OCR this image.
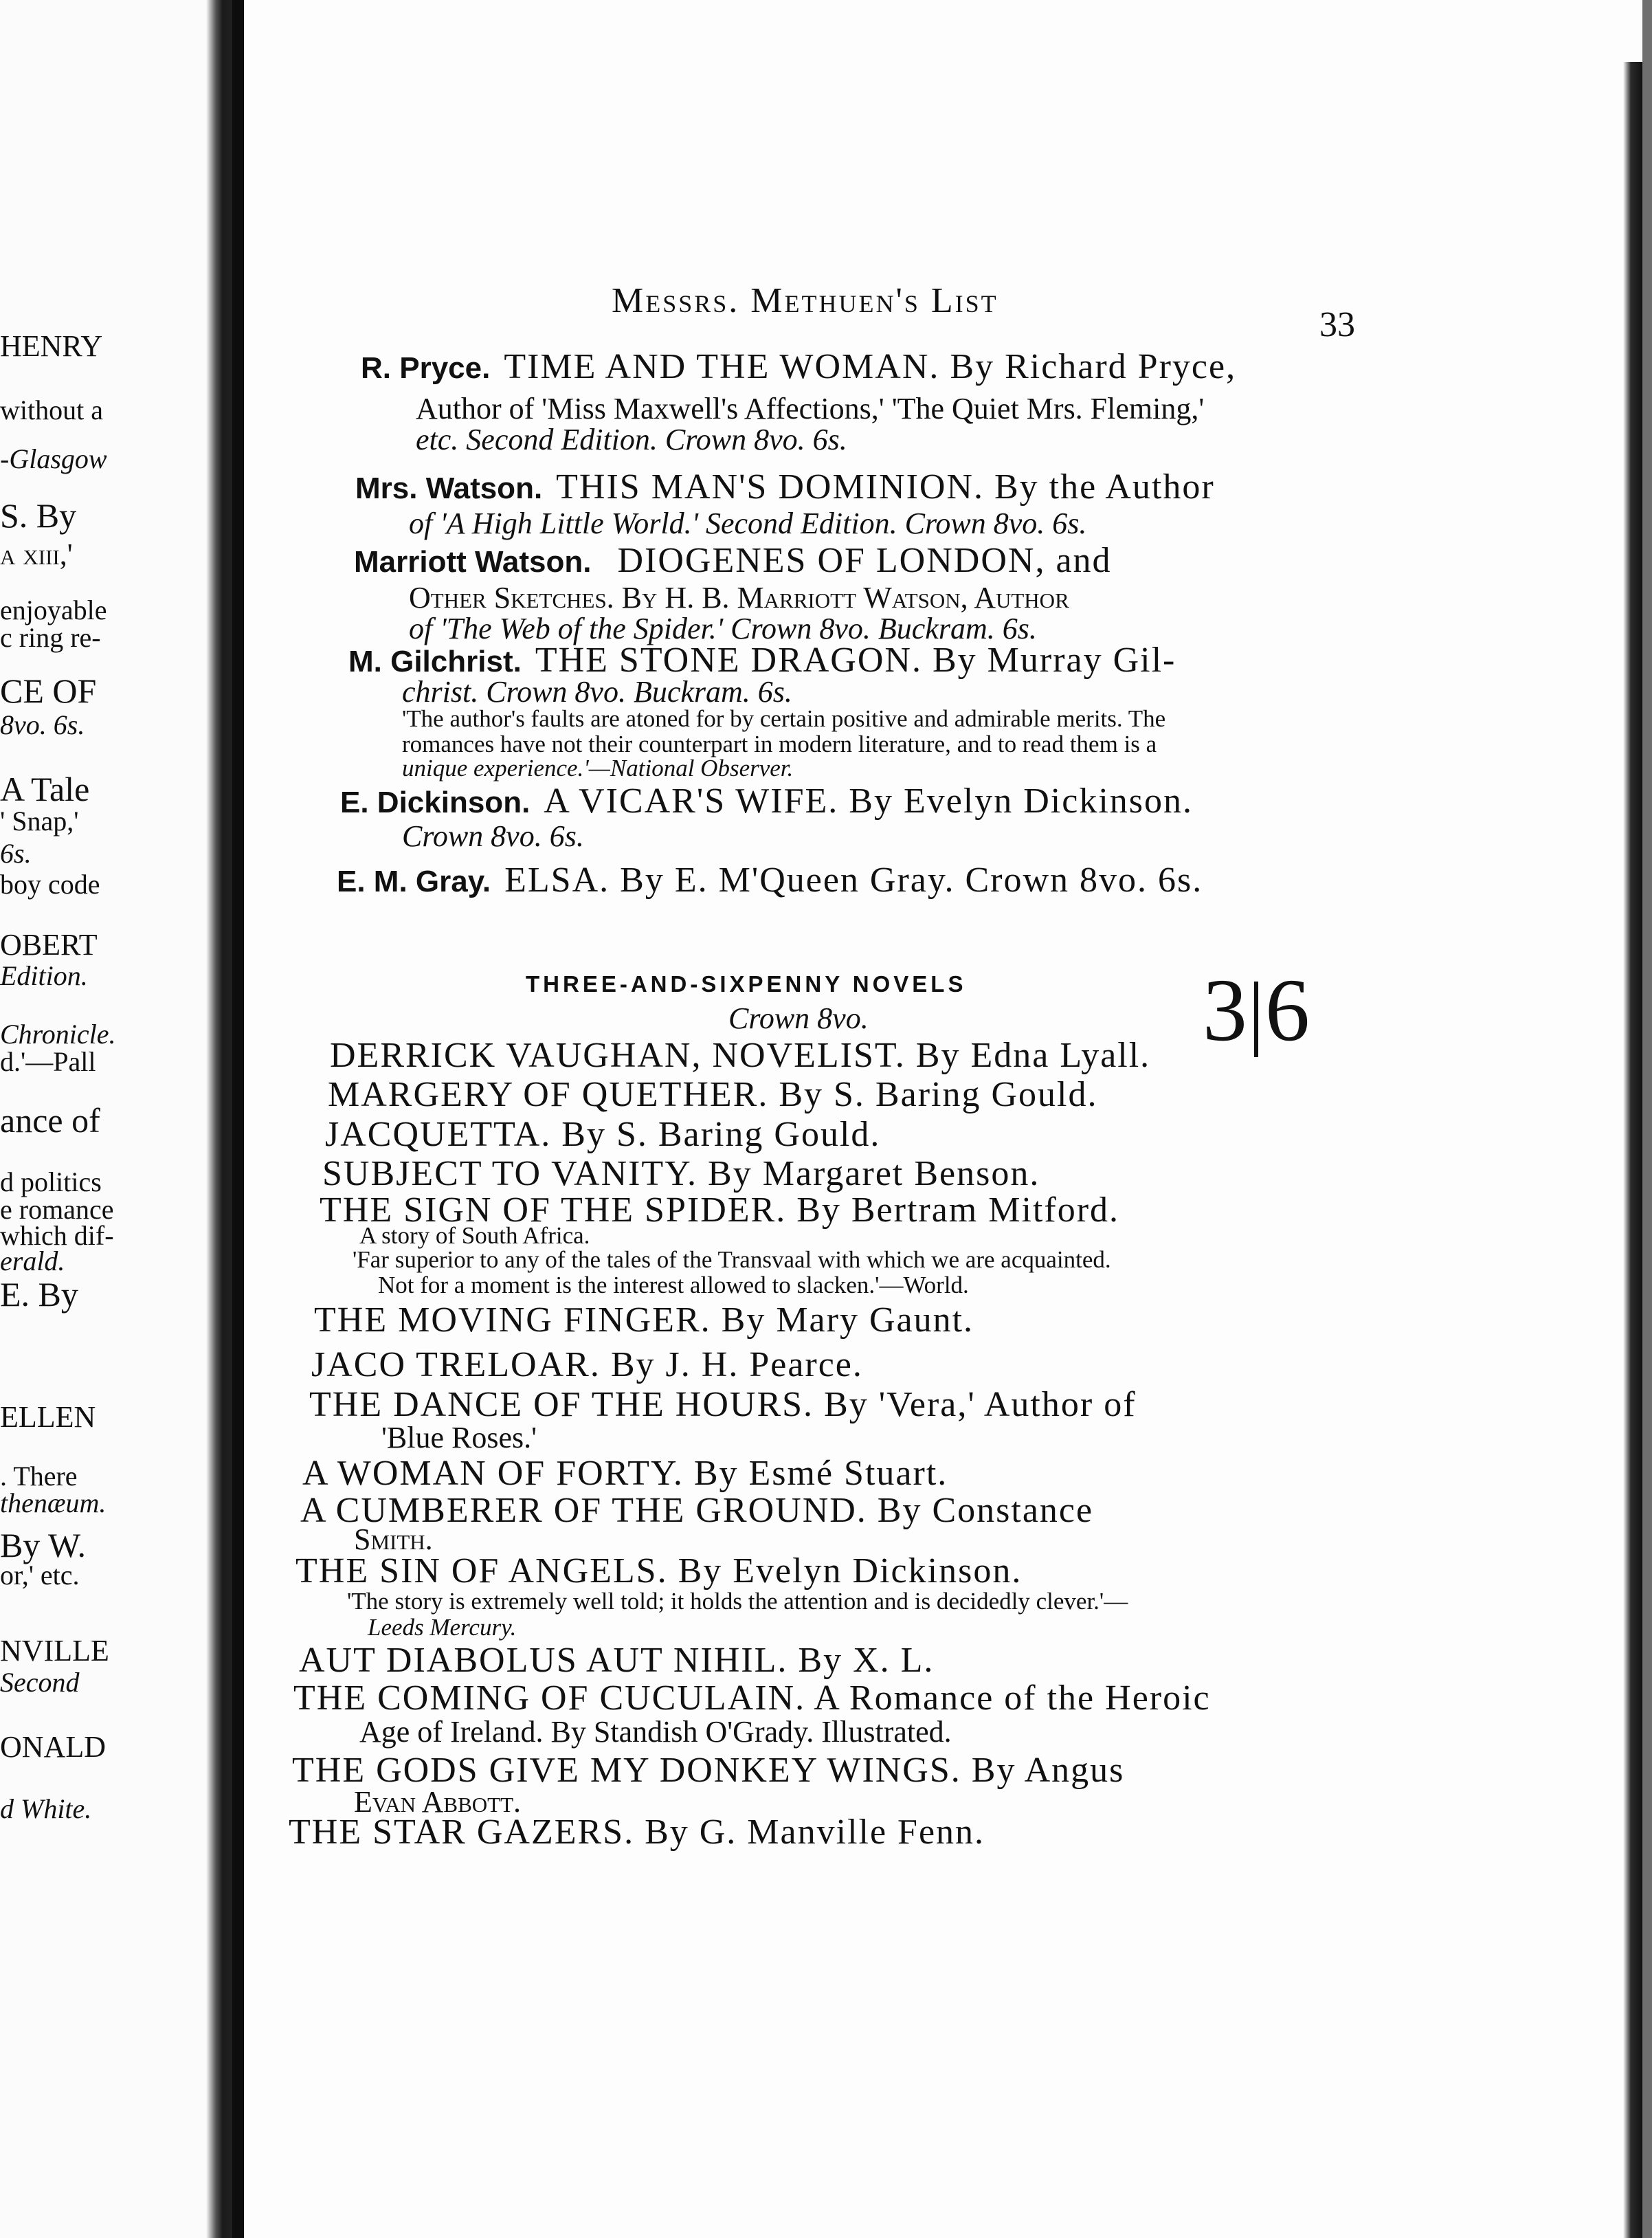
HENRY
without a
-Glasgow
S. By
a xiii,'
enjoyable
c ring re-
CE OF
8vo. 6s.
A Tale
' Snap,'
6s.
boy code
OBERT
Edition.
Chronicle.
d.'—Pall
ance of
d politics
e romance
which dif-
erald.
E. By
ELLEN
. There
thenæum.
By W.
or,' etc.
NVILLE
Second
ONALD
d White.
Messrs. Methuen's List
33
R. Pryce. TIME AND THE WOMAN. By Richard Pryce,
Author of 'Miss Maxwell's Affections,' 'The Quiet Mrs. Fleming,'
etc. Second Edition. Crown 8vo. 6s.
Mrs. Watson. THIS MAN'S DOMINION. By the Author
of 'A High Little World.' Second Edition. Crown 8vo. 6s.
Marriott Watson. DIOGENES OF LONDON, and
Other Sketches. By H. B. Marriott Watson, Author
of 'The Web of the Spider.' Crown 8vo. Buckram. 6s.
M. Gilchrist. THE STONE DRAGON. By Murray Gil-
christ. Crown 8vo. Buckram. 6s.
'The author's faults are atoned for by certain positive and admirable merits. The
romances have not their counterpart in modern literature, and to read them is a
unique experience.'—National Observer.
E. Dickinson. A VICAR'S WIFE. By Evelyn Dickinson.
Crown 8vo. 6s.
E. M. Gray. ELSA. By E. M'Queen Gray. Crown 8vo. 6s.
THREE-AND-SIXPENNY NOVELS
Crown 8vo.	3 6
DERRICK VAUGHAN, NOVELIST. By Edna Lyall.
MARGERY OF QUETHER. By S. Baring Gould.
JACQUETTA. By S. Baring Gould.
SUBJECT TO VANITY. By Margaret Benson.
THE SIGN OF THE SPIDER. By Bertram Mitford.
A story of South Africa.
'Far superior to any of the tales of the Transvaal with which we are acquainted.
Not for a moment is the interest allowed to slacken.'—World.
THE MOVING FINGER. By Mary Gaunt.
JACO TRELOAR. By J. H. Pearce.
THE DANCE OF THE HOURS. By 'Vera,' Author of
'Blue Roses.'
A WOMAN OF FORTY. By Esmé Stuart.
A CUMBERER OF THE GROUND. By Constance
Smith.
THE SIN OF ANGELS. By Evelyn Dickinson.
'The story is extremely well told; it holds the attention and is decidedly clever.'—
Leeds Mercury.
AUT DIABOLUS AUT NIHIL. By X. L.
THE COMING OF CUCULAIN. A Romance of the Heroic
Age of Ireland. By Standish O'Grady. Illustrated.
THE GODS GIVE MY DONKEY WINGS. By Angus
Evan Abbott.
THE STAR GAZERS. By G. Manville Fenn.
